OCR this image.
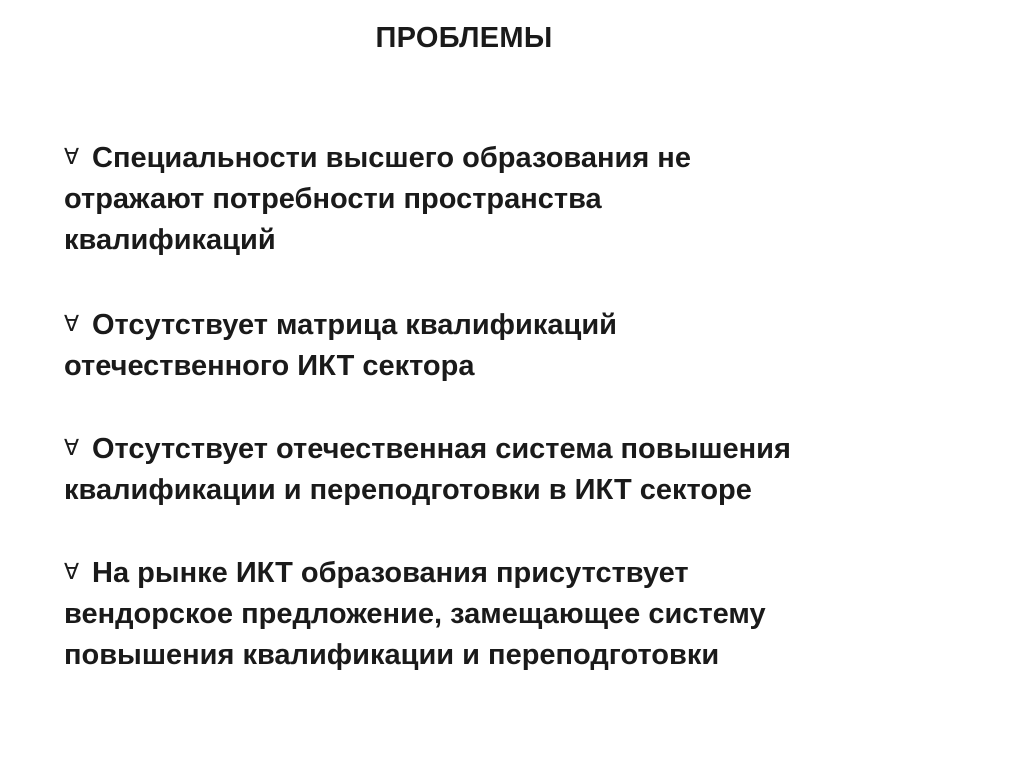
ПРОБЛЕМЫ
∀ Специальности высшего образования не
отражают потребности пространства
квалификаций
∀ Отсутствует матрица квалификаций
отечественного ИКТ сектора
∀ Отсутствует отечественная система повышения
квалификации и переподготовки в ИКТ секторе
∀ На рынке ИКТ образования присутствует
вендорское предложение, замещающее систему
повышения квалификации и переподготовки
